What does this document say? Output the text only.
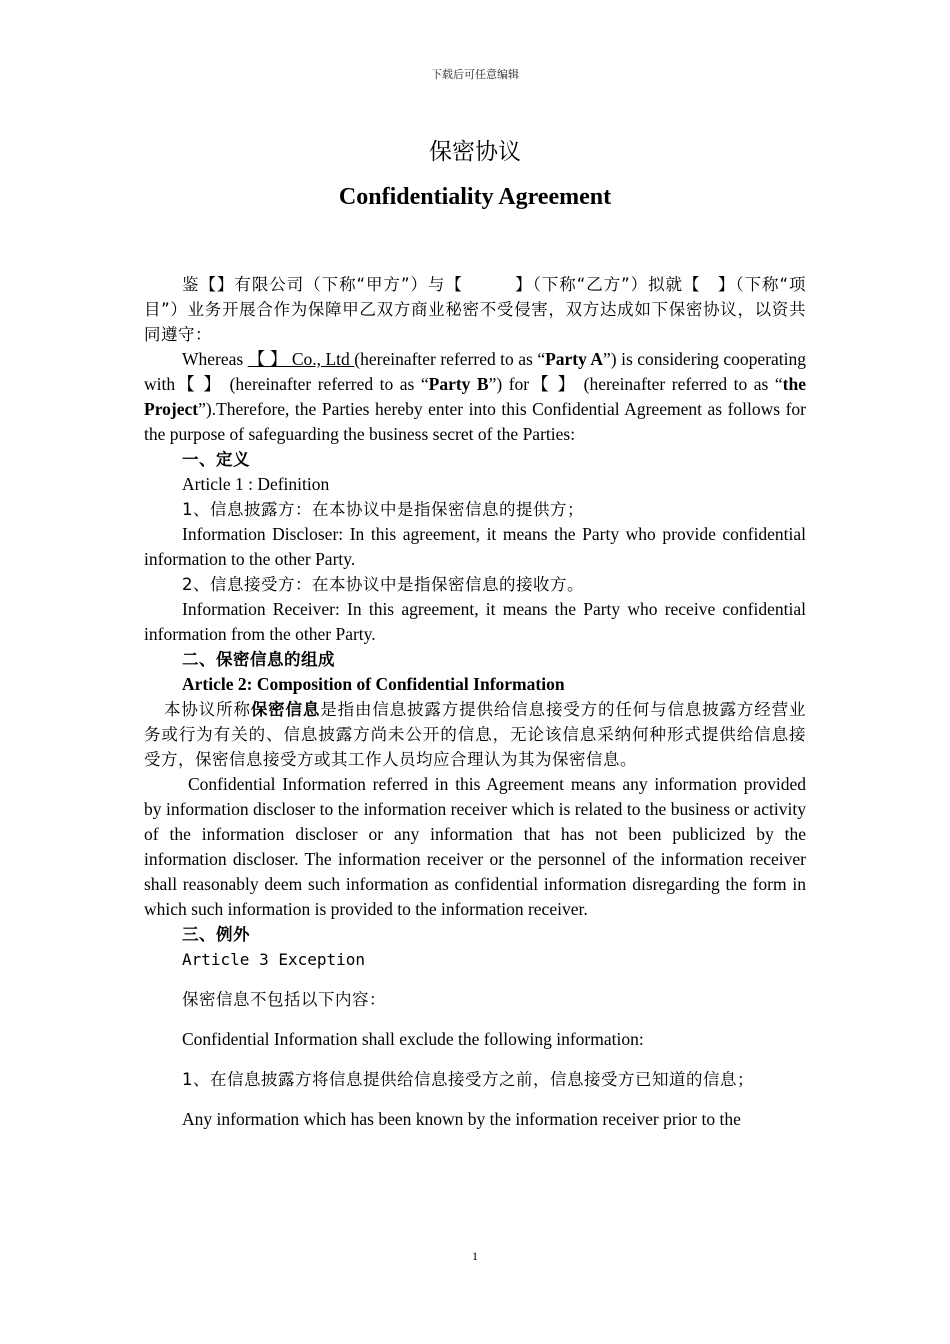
下载后可任意编辑
保密协议
Confidentiality Agreement

鉴【】有限公司（下称“甲方”）与【　　　】（下称“乙方”）拟就【　】（下称“项目”）业务开展合作为保障甲乙双方商业秘密不受侵害，双方达成如下保密协议，以资共同遵守：

Whereas 【 】 Co., Ltd (hereinafter referred to as “Party A”) is considering cooperating with【 】 (hereinafter referred to as “Party B”) for【 】 (hereinafter referred to as “the Project”).Therefore, the Parties hereby enter into this Confidential Agreement as follows for the purpose of safeguarding the business secret of the Parties:

一、定义

Article 1 : Definition

1、信息披露方：在本协议中是指保密信息的提供方；

Information Discloser: In this agreement, it means the Party who provide confidential information to the other Party.

2、信息接受方：在本协议中是指保密信息的接收方。

Information Receiver: In this agreement, it means the Party who receive confidential information from the other Party.

二、保密信息的组成

Article 2: Composition of Confidential Information

本协议所称保密信息是指由信息披露方提供给信息接受方的任何与信息披露方经营业务或行为有关的、信息披露方尚未公开的信息，无论该信息采纳何种形式提供给信息接受方，保密信息接受方或其工作人员均应合理认为其为保密信息。

Confidential Information referred in this Agreement means any information provided by information discloser to the information receiver which is related to the business or activity of the information discloser or any information that has not been publicized by the information discloser. The information receiver or the personnel of the information receiver shall reasonably deem such information as confidential information disregarding the form in which such information is provided to the information receiver.

三、例外

Article 3 Exception

保密信息不包括以下内容：

Confidential Information shall exclude the following information:

1、在信息披露方将信息提供给信息接受方之前，信息接受方已知道的信息；

Any information which has been known by the information receiver prior to the

1
